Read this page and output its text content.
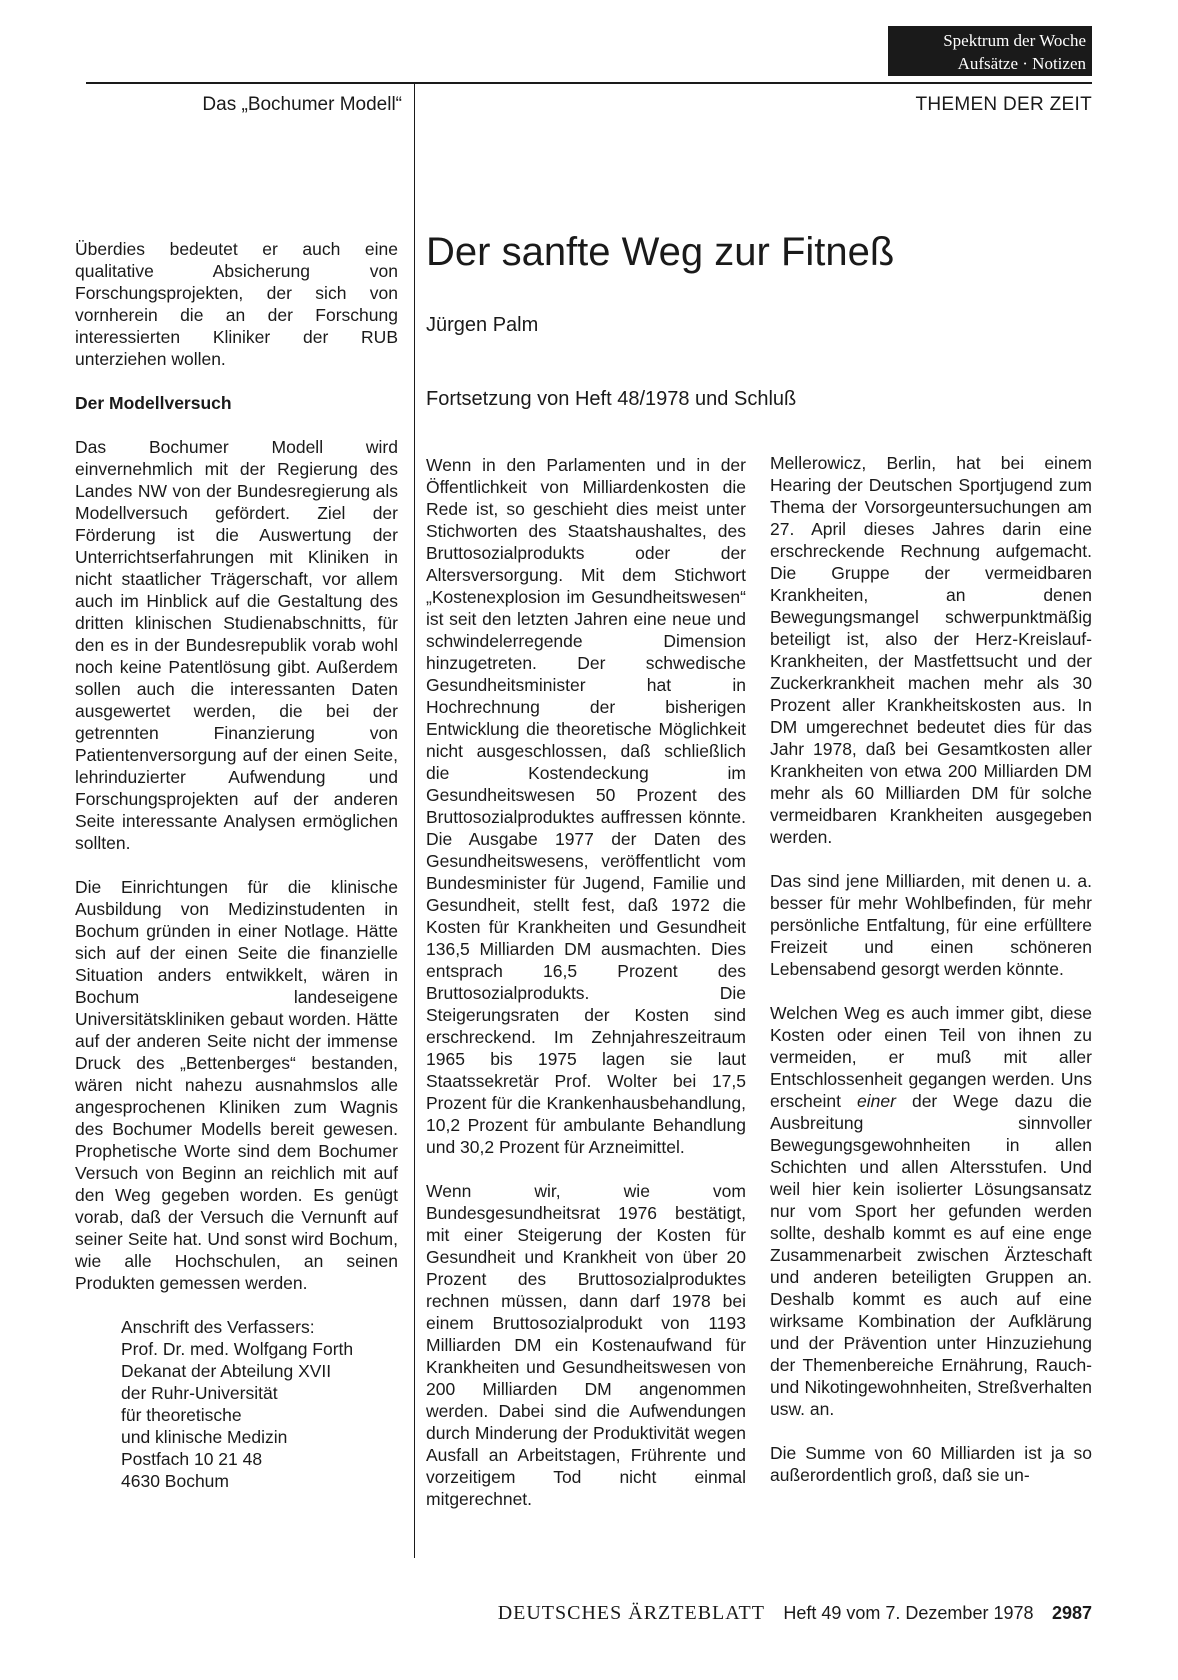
Spektrum der Woche
Aufsätze · Notizen
Das „Bochumer Modell“	THEMEN DER ZEIT
Der sanfte Weg zur Fitneß
Jürgen Palm
Fortsetzung von Heft 48/1978 und Schluß

Überdies bedeutet er auch eine qualitative Absicherung von Forschungsprojekten, der sich von vornherein die an der Forschung interessierten Kliniker der RUB unterziehen wollen.

Der Modellversuch

Das Bochumer Modell wird einvernehmlich mit der Regierung des Landes NW von der Bundesregierung als Modellversuch gefördert. Ziel der Förderung ist die Auswertung der Unterrichtserfahrungen mit Kliniken in nicht staatlicher Trägerschaft, vor allem auch im Hinblick auf die Gestaltung des dritten klinischen Studienabschnitts, für den es in der Bundesrepublik vorab wohl noch keine Patentlösung gibt. Außerdem sollen auch die interessanten Daten ausgewertet werden, die bei der getrennten Finanzierung von Patientenversorgung auf der einen Seite, lehrinduzierter Aufwendung und Forschungsprojekten auf der anderen Seite interessante Analysen ermöglichen sollten.

Die Einrichtungen für die klinische Ausbildung von Medizinstudenten in Bochum gründen in einer Notlage. Hätte sich auf der einen Seite die finanzielle Situation anders entwikkelt, wären in Bochum landeseigene Universitätskliniken gebaut worden. Hätte auf der anderen Seite nicht der immense Druck des „Bettenberges“ bestanden, wären nicht nahezu ausnahmslos alle angesprochenen Kliniken zum Wagnis des Bochumer Modells bereit gewesen. Prophetische Worte sind dem Bochumer Versuch von Beginn an reichlich mit auf den Weg gegeben worden. Es genügt vorab, daß der Versuch die Vernunft auf seiner Seite hat. Und sonst wird Bochum, wie alle Hochschulen, an seinen Produkten gemessen werden.

Anschrift des Verfassers:
Prof. Dr. med. Wolfgang Forth
Dekanat der Abteilung XVII
der Ruhr-Universität
für theoretische
und klinische Medizin
Postfach 10 21 48
4630 Bochum

Wenn in den Parlamenten und in der Öffentlichkeit von Milliardenkosten die Rede ist, so geschieht dies meist unter Stichworten des Staatshaushaltes, des Bruttosozialprodukts oder der Altersversorgung. Mit dem Stichwort „Kostenexplosion im Gesundheitswesen“ ist seit den letzten Jahren eine neue und schwindelerregende Dimension hinzugetreten. Der schwedische Gesundheitsminister hat in Hochrechnung der bisherigen Entwicklung die theoretische Möglichkeit nicht ausgeschlossen, daß schließlich die Kostendeckung im Gesundheitswesen 50 Prozent des Bruttosozialproduktes auffressen könnte. Die Ausgabe 1977 der Daten des Gesundheitswesens, veröffentlicht vom Bundesminister für Jugend, Familie und Gesundheit, stellt fest, daß 1972 die Kosten für Krankheiten und Gesundheit 136,5 Milliarden DM ausmachten. Dies entsprach 16,5 Prozent des Bruttosozialprodukts. Die Steigerungsraten der Kosten sind erschreckend. Im Zehnjahreszeitraum 1965 bis 1975 lagen sie laut Staatssekretär Prof. Wolter bei 17,5 Prozent für die Krankenhausbehandlung, 10,2 Prozent für ambulante Behandlung und 30,2 Prozent für Arzneimittel.

Wenn wir, wie vom Bundesgesundheitsrat 1976 bestätigt, mit einer Steigerung der Kosten für Gesundheit und Krankheit von über 20 Prozent des Bruttosozialproduktes rechnen müssen, dann darf 1978 bei einem Bruttosozialprodukt von 1193 Milliarden DM ein Kostenaufwand für Krankheiten und Gesundheitswesen von 200 Milliarden DM angenommen werden. Dabei sind die Aufwendungen durch Minderung der Produktivität wegen Ausfall an Arbeitstagen, Frührente und vorzeitigem Tod nicht einmal mitgerechnet.

Mellerowicz, Berlin, hat bei einem Hearing der Deutschen Sportjugend zum Thema der Vorsorgeuntersuchungen am 27. April dieses Jahres darin eine erschreckende Rechnung aufgemacht. Die Gruppe der vermeidbaren Krankheiten, an denen Bewegungsmangel schwerpunktmäßig beteiligt ist, also der Herz-Kreislauf-Krankheiten, der Mastfettsucht und der Zuckerkrankheit machen mehr als 30 Prozent aller Krankheitskosten aus. In DM umgerechnet bedeutet dies für das Jahr 1978, daß bei Gesamtkosten aller Krankheiten von etwa 200 Milliarden DM mehr als 60 Milliarden DM für solche vermeidbaren Krankheiten ausgegeben werden.

Das sind jene Milliarden, mit denen u. a. besser für mehr Wohlbefinden, für mehr persönliche Entfaltung, für eine erfülltere Freizeit und einen schöneren Lebensabend gesorgt werden könnte.

Welchen Weg es auch immer gibt, diese Kosten oder einen Teil von ihnen zu vermeiden, er muß mit aller Entschlossenheit gegangen werden. Uns erscheint einer der Wege dazu die Ausbreitung sinnvoller Bewegungsgewohnheiten in allen Schichten und allen Altersstufen. Und weil hier kein isolierter Lösungsansatz nur vom Sport her gefunden werden sollte, deshalb kommt es auf eine enge Zusammenarbeit zwischen Ärzteschaft und anderen beteiligten Gruppen an. Deshalb kommt es auch auf eine wirksame Kombination der Aufklärung und der Prävention unter Hinzuziehung der Themenbereiche Ernährung, Rauch- und Nikotingewohnheiten, Streßverhalten usw. an.

Die Summe von 60 Milliarden ist ja so außerordentlich groß, daß sie un-

DEUTSCHES ÄRZTEBLATT Heft 49 vom 7. Dezember 1978 2987
